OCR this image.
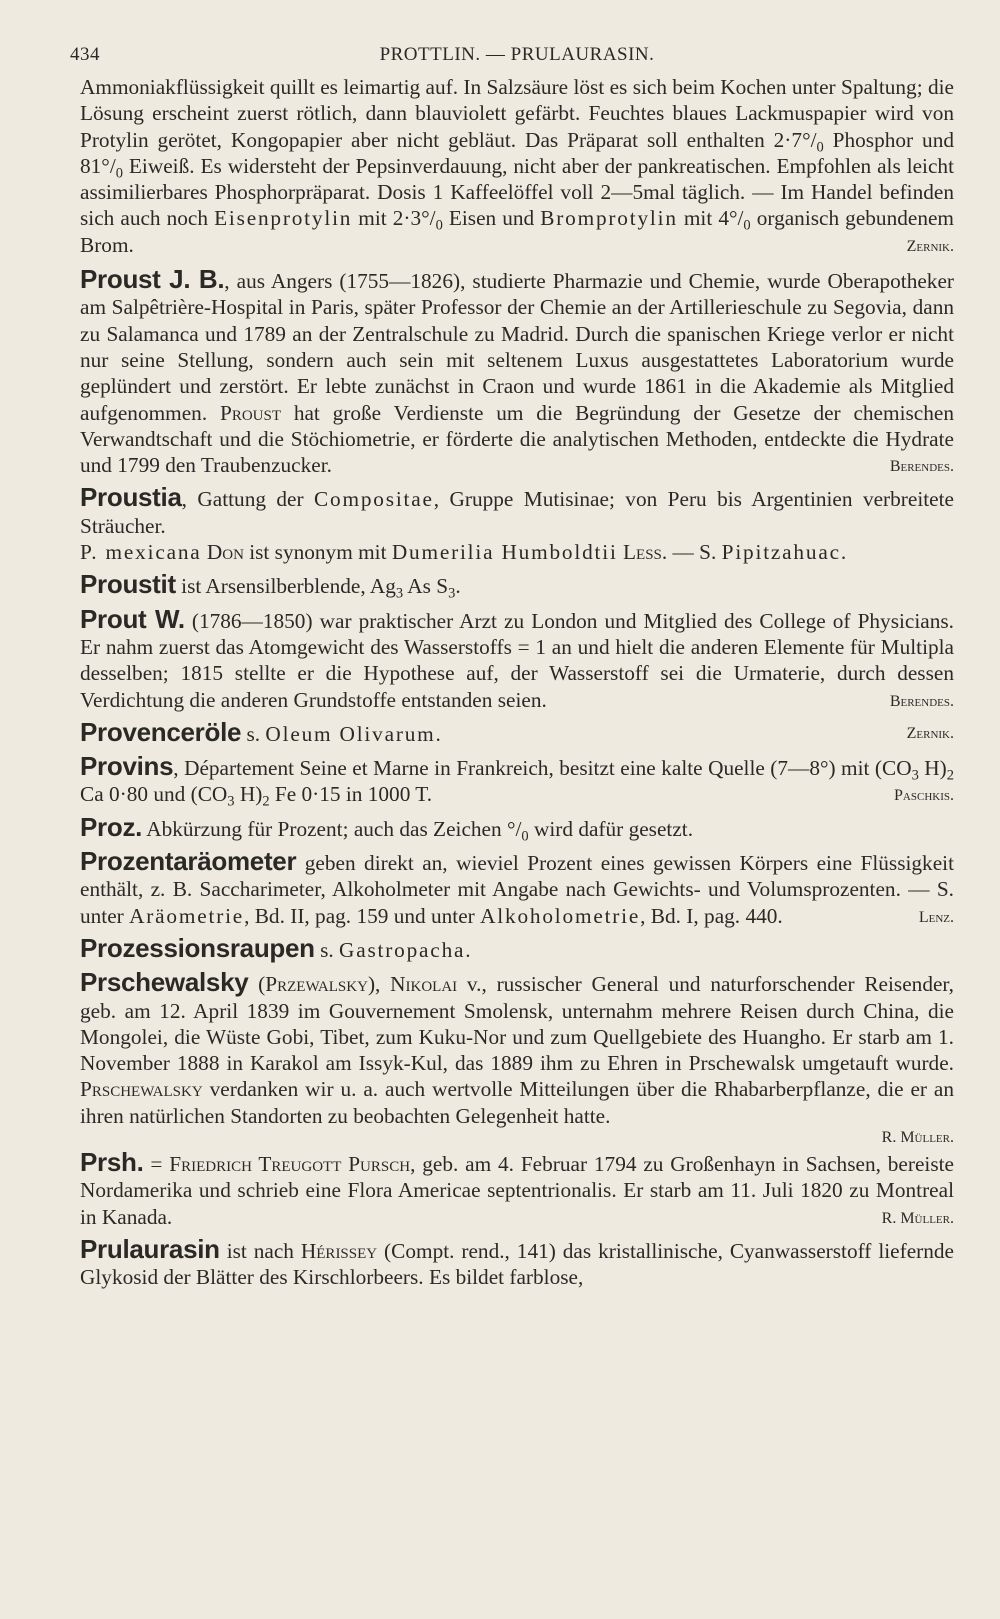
434	PROTTLIN. — PRULAURASIN.

Ammoniakflüssigkeit quillt es leimartig auf. In Salzsäure löst es sich beim Kochen unter Spaltung; die Lösung erscheint zuerst rötlich, dann blauviolett gefärbt. Feuchtes blaues Lackmuspapier wird von Protylin gerötet, Kongopapier aber nicht gebläut. Das Präparat soll enthalten $2\cdot 7^\circ/_0$ Phosphor und $81^\circ/_0$ Eiweiß. Es widersteht der Pepsinverdauung, nicht aber der pankreatischen. Empfohlen als leicht assimilierbares Phosphorpräparat. Dosis 1 Kaffeelöffel voll 2—5mal täglich. — Im Handel befinden sich auch noch Eisenprotylin mit $2\cdot 3^\circ/_0$ Eisen und Bromprotylin mit $4^\circ/_0$ organisch gebundenem Brom.	Zernik.

Proust J. B., aus Angers (1755—1826), studierte Pharmazie und Chemie, wurde Oberapotheker am Salpêtrière-Hospital in Paris, später Professor der Chemie an der Artillerieschule zu Segovia, dann zu Salamanca und 1789 an der Zentralschule zu Madrid. Durch die spanischen Kriege verlor er nicht nur seine Stellung, sondern auch sein mit seltenem Luxus ausgestattetes Laboratorium wurde geplündert und zerstört. Er lebte zunächst in Craon und wurde 1861 in die Akademie als Mitglied aufgenommen. Proust hat große Verdienste um die Begründung der Gesetze der chemischen Verwandtschaft und die Stöchiometrie, er förderte die analytischen Methoden, entdeckte die Hydrate und 1799 den Traubenzucker.	Berendes.

Proustia, Gattung der Compositae, Gruppe Mutisinae; von Peru bis Argentinien verbreitete Sträucher.
P. mexicana Don ist synonym mit Dumerilia Humboldtii Less. — S. Pipitzahuac.

Proustit ist Arsensilberblende, $Ag_3$ As $S_3$.

Prout W. (1786—1850) war praktischer Arzt zu London und Mitglied des College of Physicians. Er nahm zuerst das Atomgewicht des Wasserstoffs = 1 an und hielt die anderen Elemente für Multipla desselben; 1815 stellte er die Hypothese auf, der Wasserstoff sei die Urmaterie, durch dessen Verdichtung die anderen Grundstoffe entstanden seien.	Berendes.

Provenceröle s. Oleum Olivarum.	Zernik.

Provins, Département Seine et Marne in Frankreich, besitzt eine kalte Quelle (7—8°) mit ($CO_3$ $H)_2$ Ca 0·80 und ($CO_3$ $H)_2$ Fe 0·15 in 1000 T.	Paschkis.

Proz. Abkürzung für Prozent; auch das Zeichen $^\circ/_0$ wird dafür gesetzt.

Prozentaräometer geben direkt an, wieviel Prozent eines gewissen Körpers eine Flüssigkeit enthält, z. B. Saccharimeter, Alkoholmeter mit Angabe nach Gewichts- und Volumsprozenten. — S. unter Aräometrie, Bd. II, pag. 159 und unter Alkoholometrie, Bd. I, pag. 440.	Lenz.

Prozessionsraupen s. Gastropacha.

Prschewalsky (Przewalsky), Nikolai v., russischer General und naturforschender Reisender, geb. am 12. April 1839 im Gouvernement Smolensk, unternahm mehrere Reisen durch China, die Mongolei, die Wüste Gobi, Tibet, zum Kuku-Nor und zum Quellgebiete des Huangho. Er starb am 1. November 1888 in Karakol am Issyk-Kul, das 1889 ihm zu Ehren in Prschewalsk umgetauft wurde. Prschewalsky verdanken wir u. a. auch wertvolle Mitteilungen über die Rhabarberpflanze, die er an ihren natürlichen Standorten zu beobachten Gelegenheit hatte.

R. Müller.

Prsh. = Friedrich Treugott Pursch, geb. am 4. Februar 1794 zu Großenhayn in Sachsen, bereiste Nordamerika und schrieb eine Flora Americae septentrionalis. Er starb am 11. Juli 1820 zu Montreal in Kanada.	R. Müller.

Prulaurasin ist nach Hérissey (Compt. rend., 141) das kristallinische, Cyanwasserstoff liefernde Glykosid der Blätter des Kirschlorbeers. Es bildet farblose,
